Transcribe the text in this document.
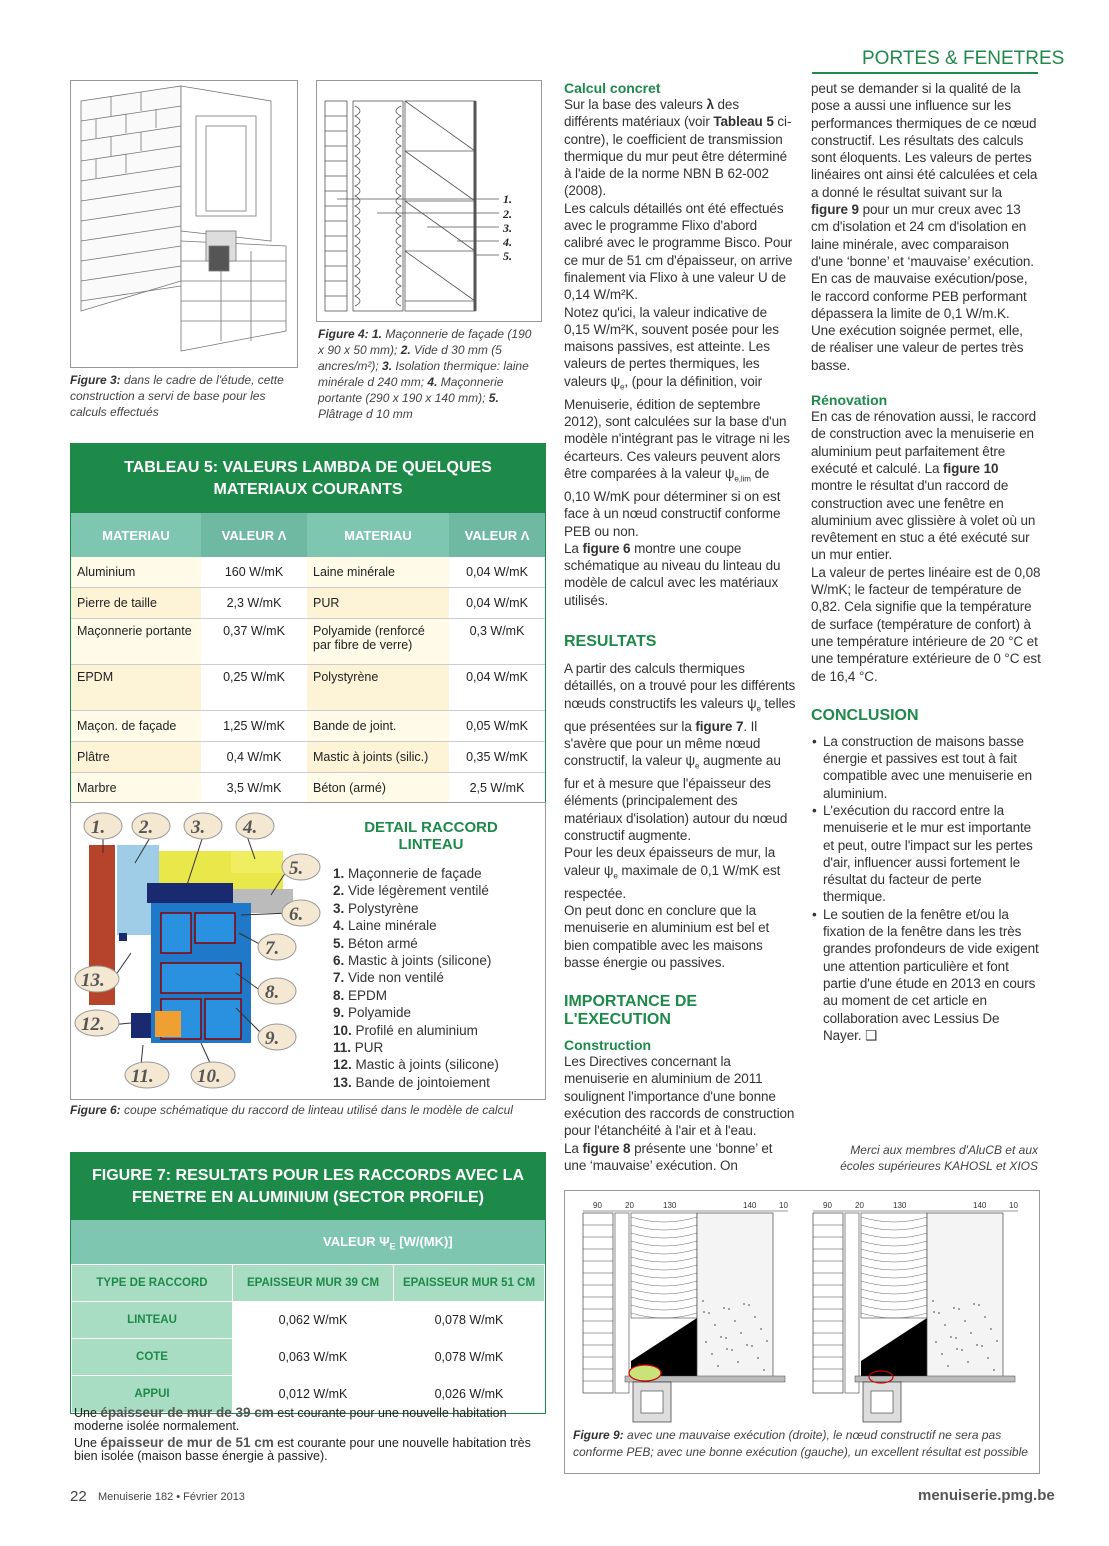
PORTES & FENETRES
Figure 3: dans le cadre de l'étude, cette construction a servi de base pour les calculs effectués
1.
2.
3.
4.
5.
Figure 4: 1. Maçonnerie de façade (190 x 90 x 50 mm); 2. Vide d 30 mm (5 ancres/m²); 3. Isolation thermique: laine minérale d 240 mm; 4. Maçonnerie portante (290 x 190 x 140 mm); 5. Plâtrage d 10 mm
TABLEAU 5: VALEURS LAMBDA DE QUELQUES MATERIAUX COURANTS
MATERIAU	VALEUR Λ	MATERIAU	VALEUR Λ
Aluminium	160 W/mK	Laine minérale	0,04 W/mK
Pierre de taille	2,3 W/mK	PUR	0,04 W/mK
Maçonnerie portante	0,37 W/mK	Polyamide (renforcé par fibre de verre)	0,3 W/mK
EPDM	0,25 W/mK	Polystyrène	0,04 W/mK
Maçon. de façade	1,25 W/mK	Bande de joint.	0,05 W/mK
Plâtre	0,4 W/mK	Mastic à joints (silic.)	0,35 W/mK
Marbre	3,5 W/mK	Béton (armé)	2,5 W/mK
1. 2. 3. 4.
5.
6.
7.
8.
9.
10.
11.
12.
13.
DETAIL RACCORD LINTEAU
1. Maçonnerie de façade
2. Vide légèrement ventilé
3. Polystyrène
4. Laine minérale
5. Béton armé
6. Mastic à joints (silicone)
7. Vide non ventilé
8. EPDM
9. Polyamide
10. Profilé en aluminium
11. PUR
12. Mastic à joints (silicone)
13. Bande de jointoiement
Figure 6: coupe schématique du raccord de linteau utilisé dans le modèle de calcul
FIGURE 7: RESULTATS POUR LES RACCORDS AVEC LA FENETRE EN ALUMINIUM (SECTOR PROFILE)
VALEUR $\Psi_E$ [W/(MK)]
TYPE DE RACCORD	EPAISSEUR MUR 39 CM	EPAISSEUR MUR 51 CM
LINTEAU	0,062 W/mK	0,078 W/mK
COTE	0,063 W/mK	0,078 W/mK
APPUI	0,012 W/mK	0,026 W/mK
Une épaisseur de mur de 39 cm est courante pour une nouvelle habitation moderne isolée normalement.
Une épaisseur de mur de 51 cm est courante pour une nouvelle habitation très bien isolée (maison basse énergie à passive).
Calcul concret
Sur la base des valeurs λ des différents matériaux (voir Tableau 5 ci-contre), le coefficient de transmission thermique du mur peut être déterminé à l'aide de la norme NBN B 62-002 (2008).
Les calculs détaillés ont été effectués avec le programme Flixo d'abord calibré avec le programme Bisco. Pour ce mur de 51 cm d'épaisseur, on arrive finalement via Flixo à une valeur U de 0,14 W/m²K.
Notez qu'ici, la valeur indicative de 0,15 W/m²K, souvent posée pour les maisons passives, est atteinte. Les valeurs de pertes thermiques, les valeurs $\psi_e$, (pour la définition, voir Menuiserie, édition de septembre 2012), sont calculées sur la base d'un modèle n'intégrant pas le vitrage ni les écarteurs. Ces valeurs peuvent alors être comparées à la valeur $\psi_{e,lim}$ de 0,10 W/mK pour déterminer si on est face à un nœud constructif conforme PEB ou non.
La figure 6 montre une coupe schématique au niveau du linteau du modèle de calcul avec les matériaux utilisés.
RESULTATS
A partir des calculs thermiques détaillés, on a trouvé pour les différents nœuds constructifs les valeurs $\psi_e$ telles que présentées sur la figure 7. Il s'avère que pour un même nœud constructif, la valeur $\psi_e$ augmente au fur et à mesure que l'épaisseur des éléments (principalement des matériaux d'isolation) autour du nœud constructif augmente.
Pour les deux épaisseurs de mur, la valeur $\psi_e$ maximale de 0,1 W/mK est respectée.
On peut donc en conclure que la menuiserie en aluminium est bel et bien compatible avec les maisons basse énergie ou passives.
IMPORTANCE DE L'EXECUTION
Construction
Les Directives concernant la menuiserie en aluminium de 2011 soulignent l'importance d'une bonne exécution des raccords de construction pour l'étanchéité à l'air et à l'eau.
La figure 8 présente une ‘bonne’ et une ‘mauvaise’ exécution. On
peut se demander si la qualité de la pose a aussi une influence sur les performances thermiques de ce nœud constructif. Les résultats des calculs sont éloquents. Les valeurs de pertes linéaires ont ainsi été calculées et cela a donné le résultat suivant sur la figure 9 pour un mur creux avec 13 cm d'isolation et 24 cm d'isolation en laine minérale, avec comparaison d'une ‘bonne’ et ‘mauvaise’ exécution.
En cas de mauvaise exécution/pose, le raccord conforme PEB performant dépassera la limite de 0,1 W/m.K.
Une exécution soignée permet, elle, de réaliser une valeur de pertes très basse.
Rénovation
En cas de rénovation aussi, le raccord de construction avec la menuiserie en aluminium peut parfaitement être exécuté et calculé. La figure 10 montre le résultat d'un raccord de construction avec une fenêtre en aluminium avec glissière à volet où un revêtement en stuc a été exécuté sur un mur entier.
La valeur de pertes linéaire est de 0,08 W/mK; le facteur de température de 0,82. Cela signifie que la température de surface (température de confort) à une température intérieure de 20 °C et une température extérieure de 0 °C est de 16,4 °C.
CONCLUSION
• La construction de maisons basse énergie et passives est tout à fait compatible avec une menuiserie en aluminium.
• L'exécution du raccord entre la menuiserie et le mur est importante et peut, outre l'impact sur les pertes d'air, influencer aussi fortement le résultat du facteur de perte thermique.
• Le soutien de la fenêtre et/ou la fixation de la fenêtre dans les très grandes profondeurs de vide exigent une attention particulière et font partie d'une étude en 2013 en cours au moment de cet article en collaboration avec Lessius De Nayer. ❑
Merci aux membres d'AluCB et aux écoles supérieures KAHOSL et XIOS
90	20	130	140	10	90	20	130	140	10
Figure 9: avec une mauvaise exécution (droite), le nœud constructif ne sera pas conforme PEB; avec une bonne exécution (gauche), un excellent résultat est possible
22 Menuiserie 182 • Février 2013	menuiserie.pmg.be
